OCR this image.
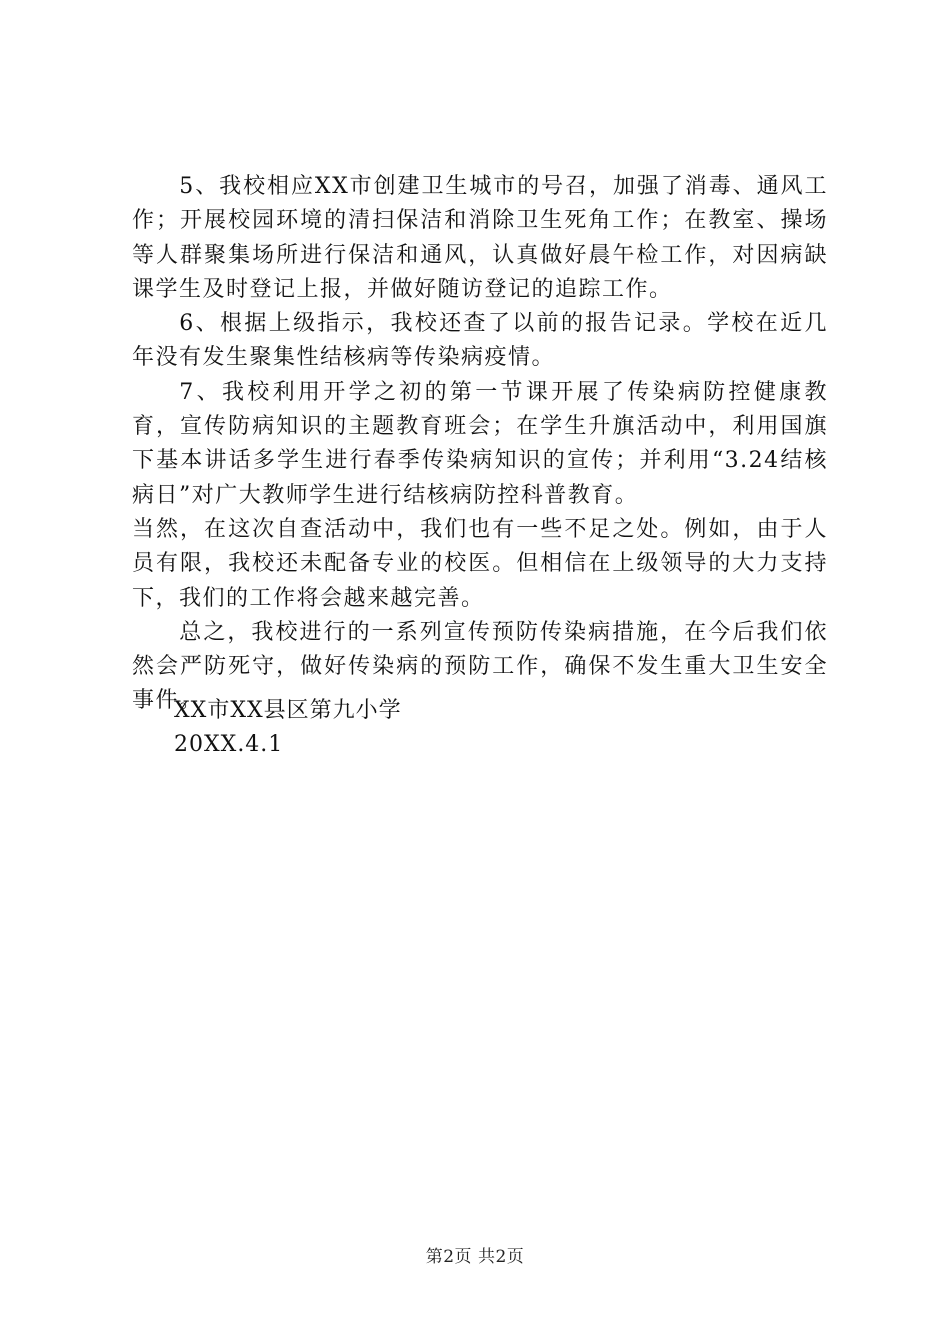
5、我校相应XX市创建卫生城市的号召，加强了消毒、通风工作；开展校园环境的清扫保洁和消除卫生死角工作；在教室、操场等人群聚集场所进行保洁和通风，认真做好晨午检工作，对因病缺课学生及时登记上报，并做好随访登记的追踪工作。

6、根据上级指示，我校还查了以前的报告记录。学校在近几年没有发生聚集性结核病等传染病疫情。

7、我校利用开学之初的第一节课开展了传染病防控健康教育，宣传防病知识的主题教育班会；在学生升旗活动中，利用国旗下基本讲话多学生进行春季传染病知识的宣传；并利用“3.24结核病日”对广大教师学生进行结核病防控科普教育。

当然，在这次自查活动中，我们也有一些不足之处。例如，由于人员有限，我校还未配备专业的校医。但相信在上级领导的大力支持下，我们的工作将会越来越完善。

总之，我校进行的一系列宣传预防传染病措施，在今后我们依然会严防死守，做好传染病的预防工作，确保不发生重大卫生安全事件。

XX市XX县区第九小学
20XX.4.1
第2页 共2页
